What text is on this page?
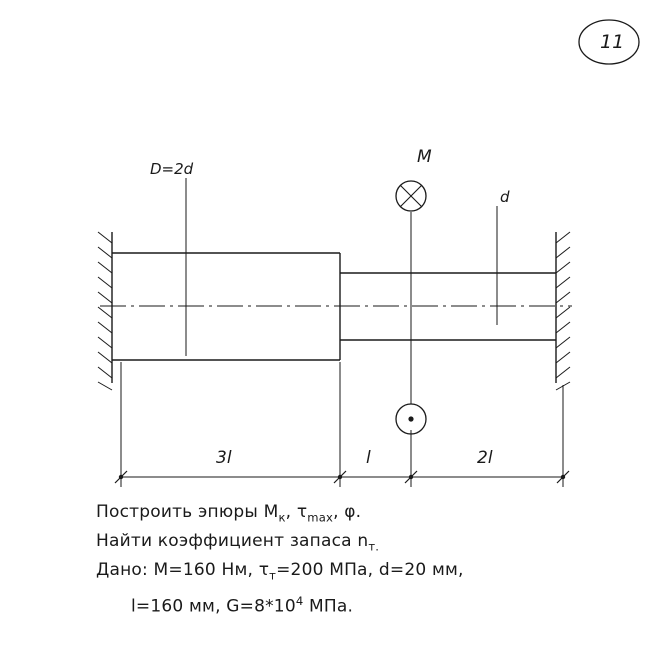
11
D=2d
d
M
3l	l	2l
Построить эпюры $M_к$, $\tau_{max}$, φ.
Найти коэффициент запаса $n_{т.}$
Дано: M=160 Нм, $\tau_т=200$ МПа, d=20 мм,
l=160 мм, $G=8*10^4$ МПа.
